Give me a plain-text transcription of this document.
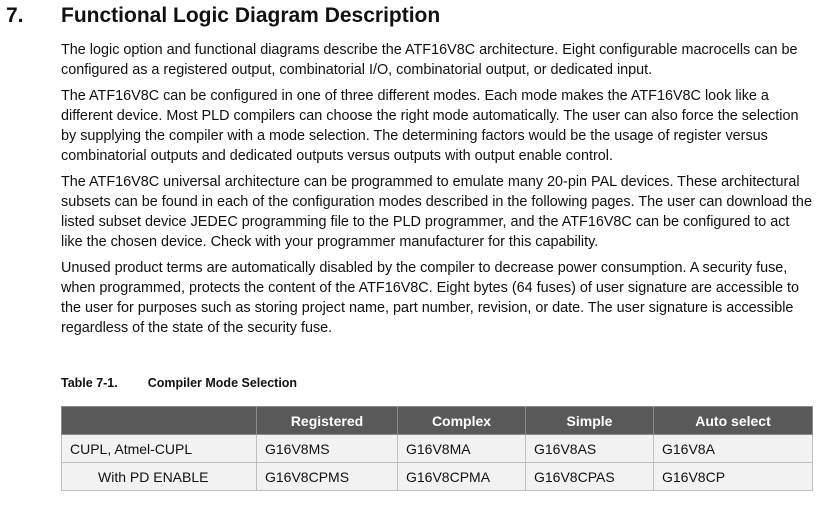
7. Functional Logic Diagram Description

The logic option and functional diagrams describe the ATF16V8C architecture. Eight configurable macrocells can be configured as a registered output, combinatorial I/O, combinatorial output, or dedicated input.

The ATF16V8C can be configured in one of three different modes. Each mode makes the ATF16V8C look like a different device. Most PLD compilers can choose the right mode automatically. The user can also force the selection by supplying the compiler with a mode selection. The determining factors would be the usage of register versus combinatorial outputs and dedicated outputs versus outputs with output enable control.

The ATF16V8C universal architecture can be programmed to emulate many 20-pin PAL devices. These architectural subsets can be found in each of the configuration modes described in the following pages. The user can download the listed subset device JEDEC programming file to the PLD programmer, and the ATF16V8C can be configured to act like the chosen device. Check with your programmer manufacturer for this capability.

Unused product terms are automatically disabled by the compiler to decrease power consumption. A security fuse, when programmed, protects the content of the ATF16V8C. Eight bytes (64 fuses) of user signature are accessible to the user for purposes such as storing project name, part number, revision, or date. The user signature is accessible regardless of the state of the security fuse.

Table 7-1. Compiler Mode Selection
	Registered	Complex	Simple	Auto select
CUPL, Atmel-CUPL	G16V8MS	G16V8MA	G16V8AS	G16V8A
With PD ENABLE	G16V8CPMS	G16V8CPMA	G16V8CPAS	G16V8CP
